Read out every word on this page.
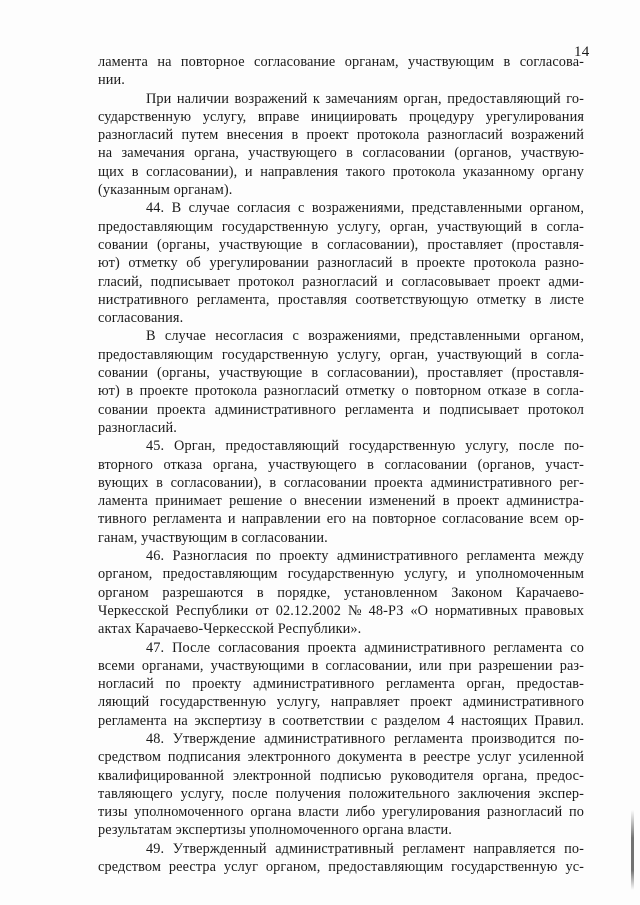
14
ламента на повторное согласование органам, участвующим в согласова-
нии.
При наличии возражений к замечаниям орган, предоставляющий го-
сударственную услугу, вправе инициировать процедуру урегулирования
разногласий путем внесения в проект протокола разногласий возражений
на замечания органа, участвующего в согласовании (органов, участвую-
щих в согласовании), и направления такого протокола указанному органу
(указанным органам).
44. В случае согласия с возражениями, представленными органом,
предоставляющим государственную услугу, орган, участвующий в согла-
совании (органы, участвующие в согласовании), проставляет (проставля-
ют) отметку об урегулировании разногласий в проекте протокола разно-
гласий, подписывает протокол разногласий и согласовывает проект адми-
нистративного регламента, проставляя соответствующую отметку в листе
согласования.
В случае несогласия с возражениями, представленными органом,
предоставляющим государственную услугу, орган, участвующий в согла-
совании (органы, участвующие в согласовании), проставляет (проставля-
ют) в проекте протокола разногласий отметку о повторном отказе в согла-
совании проекта административного регламента и подписывает протокол
разногласий.
45. Орган, предоставляющий государственную услугу, после по-
вторного отказа органа, участвующего в согласовании (органов, участ-
вующих в согласовании), в согласовании проекта административного рег-
ламента принимает решение о внесении изменений в проект администра-
тивного регламента и направлении его на повторное согласование всем ор-
ганам, участвующим в согласовании.
46. Разногласия по проекту административного регламента между
органом, предоставляющим государственную услугу, и уполномоченным
органом разрешаются в порядке, установленном Законом Карачаево-
Черкесской Республики от 02.12.2002 № 48-РЗ «О нормативных правовых
актах Карачаево-Черкесской Республики».
47. После согласования проекта административного регламента со
всеми органами, участвующими в согласовании, или при разрешении раз-
ногласий по проекту административного регламента орган, предостав-
ляющий государственную услугу, направляет проект административного
регламента на экспертизу в соответствии с разделом 4 настоящих Правил.
48. Утверждение административного регламента производится по-
средством подписания электронного документа в реестре услуг усиленной
квалифицированной электронной подписью руководителя органа, предос-
тавляющего услугу, после получения положительного заключения экспер-
тизы уполномоченного органа власти либо урегулирования разногласий по
результатам экспертизы уполномоченного органа власти.
49. Утвержденный административный регламент направляется по-
средством реестра услуг органом, предоставляющим государственную ус-
